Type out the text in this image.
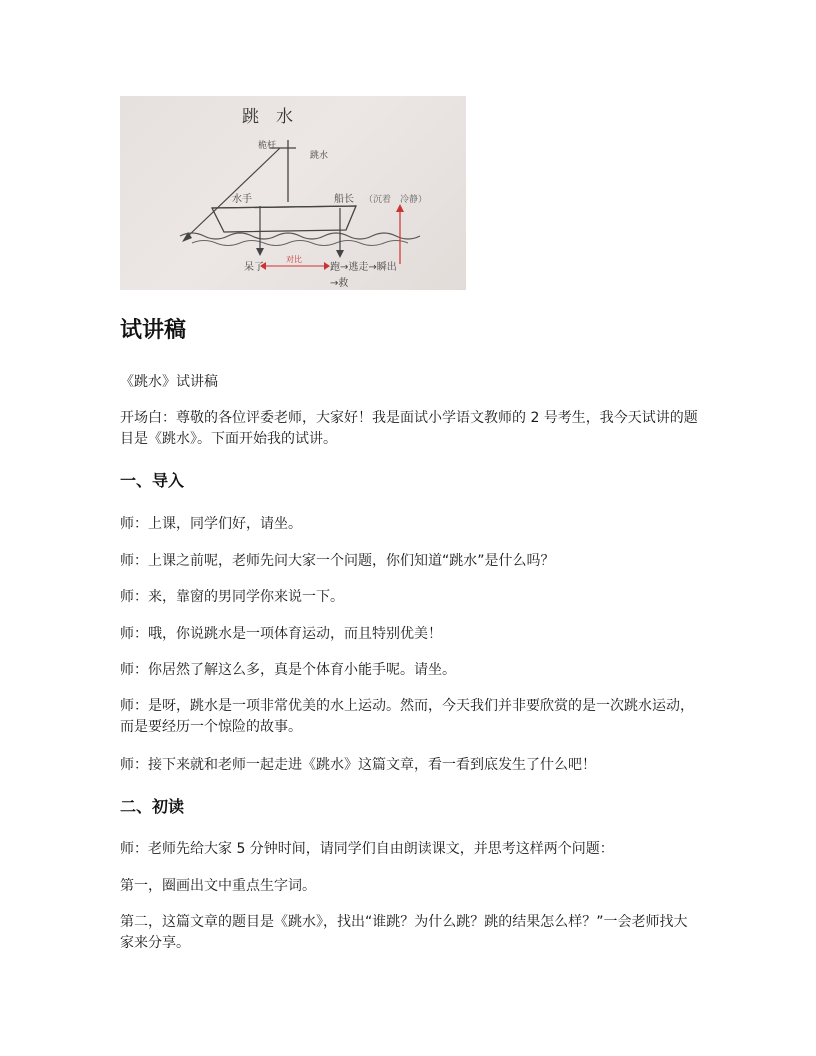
跳　水
桅杆
跳水
水手	船长 （沉着　冷静）
呆了
对比
跑→逃走→瞬出
→救
试讲稿

《跳水》试讲稿

开场白：尊敬的各位评委老师，大家好！我是面试小学语文教师的 2 号考生，我今天试讲的题目是《跳水》。下面开始我的试讲。

一、导入

师：上课，同学们好，请坐。

师：上课之前呢，老师先问大家一个问题，你们知道“跳水”是什么吗？

师：来，靠窗的男同学你来说一下。

师：哦，你说跳水是一项体育运动，而且特别优美！

师：你居然了解这么多，真是个体育小能手呢。请坐。

师：是呀，跳水是一项非常优美的水上运动。然而，今天我们并非要欣赏的是一次跳水运动，而是要经历一个惊险的故事。

师：接下来就和老师一起走进《跳水》这篇文章，看一看到底发生了什么吧！

二、初读

师：老师先给大家 5 分钟时间，请同学们自由朗读课文，并思考这样两个问题：

第一，圈画出文中重点生字词。

第二，这篇文章的题目是《跳水》，找出“谁跳？为什么跳？跳的结果怎么样？”一会老师找大家来分享。
